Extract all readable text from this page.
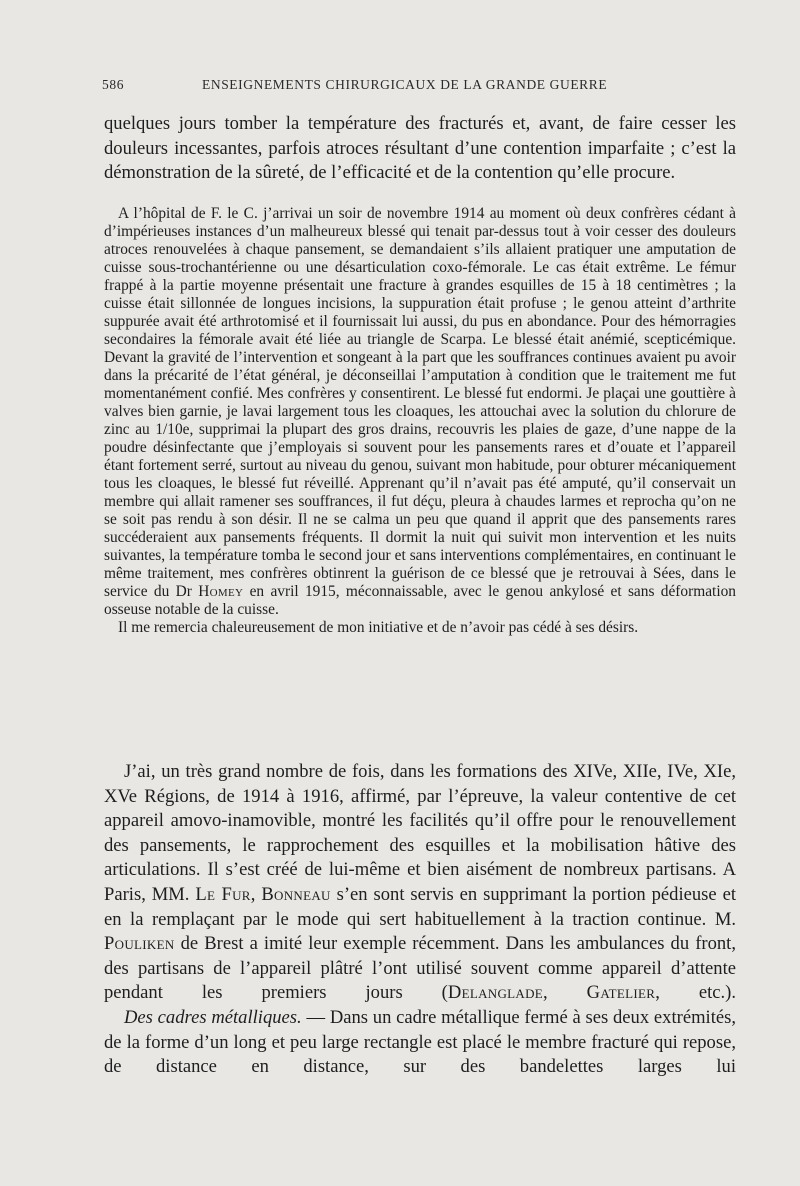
586	ENSEIGNEMENTS CHIRURGICAUX DE LA GRANDE GUERRE

quelques jours tomber la température des fracturés et, avant, de faire cesser les douleurs incessantes, parfois atroces résultant d’une contention imparfaite ; c’est la démonstration de la sûreté, de l’efficacité et de la contention qu’elle procure.

A l’hôpital de F. le C. j’arrivai un soir de novembre 1914 au moment où deux confrères cédant à d’impérieuses instances d’un malheureux blessé qui tenait par-dessus tout à voir cesser des douleurs atroces renouvelées à chaque pansement, se demandaient s’ils allaient pratiquer une amputation de cuisse sous-trochantérienne ou une désarticulation coxo-fémorale. Le cas était extrême. Le fémur frappé à la partie moyenne présentait une fracture à grandes esquilles de 15 à 18 centimètres ; la cuisse était sillonnée de longues incisions, la suppuration était profuse ; le genou atteint d’arthrite suppurée avait été arthrotomisé et il fournissait lui aussi, du pus en abondance. Pour des hémorragies secondaires la fémorale avait été liée au triangle de Scarpa. Le blessé était anémié, scepticémique. Devant la gravité de l’intervention et songeant à la part que les souffrances continues avaient pu avoir dans la précarité de l’état général, je déconseillai l’amputation à condition que le traitement me fut momentanément confié. Mes confrères y consentirent. Le blessé fut endormi. Je plaçai une gouttière à valves bien garnie, je lavai largement tous les cloaques, les attouchai avec la solution du chlorure de zinc au 1/10e, supprimai la plupart des gros drains, recouvris les plaies de gaze, d’une nappe de la poudre désinfectante que j’employais si souvent pour les pansements rares et d’ouate et l’appareil étant fortement serré, surtout au niveau du genou, suivant mon habitude, pour obturer mécaniquement tous les cloaques, le blessé fut réveillé. Apprenant qu’il n’avait pas été amputé, qu’il conservait un membre qui allait ramener ses souffrances, il fut déçu, pleura à chaudes larmes et reprocha qu’on ne se soit pas rendu à son désir. Il ne se calma un peu que quand il apprit que des pansements rares succéderaient aux pansements fréquents. Il dormit la nuit qui suivit mon intervention et les nuits suivantes, la température tomba le second jour et sans interventions complémentaires, en continuant le même traitement, mes confrères obtinrent la guérison de ce blessé que je retrouvai à Sées, dans le service du Dr Homey en avril 1915, méconnaissable, avec le genou ankylosé et sans déformation osseuse notable de la cuisse.

Il me remercia chaleureusement de mon initiative et de n’avoir pas cédé à ses désirs.

J’ai, un très grand nombre de fois, dans les formations des XIVe, XIIe, IVe, XIe, XVe Régions, de 1914 à 1916, affirmé, par l’épreuve, la valeur contentive de cet appareil amovo-inamovible, montré les facilités qu’il offre pour le renouvellement des pansements, le rapprochement des esquilles et la mobilisation hâtive des articulations. Il s’est créé de lui-même et bien aisément de nombreux partisans. A Paris, MM. Le Fur, Bonneau s’en sont servis en supprimant la portion pédieuse et en la remplaçant par le mode qui sert habituellement à la traction continue. M. Pouliken de Brest a imité leur exemple récemment. Dans les ambulances du front, des partisans de l’appareil plâtré l’ont utilisé souvent comme appareil d’attente pendant les premiers jours (Delanglade, Gatelier, etc.).
Des cadres métalliques. — Dans un cadre métallique fermé à ses deux extrémités, de la forme d’un long et peu large rectangle est placé le membre fracturé qui repose, de distance en distance, sur des bandelettes larges lui
